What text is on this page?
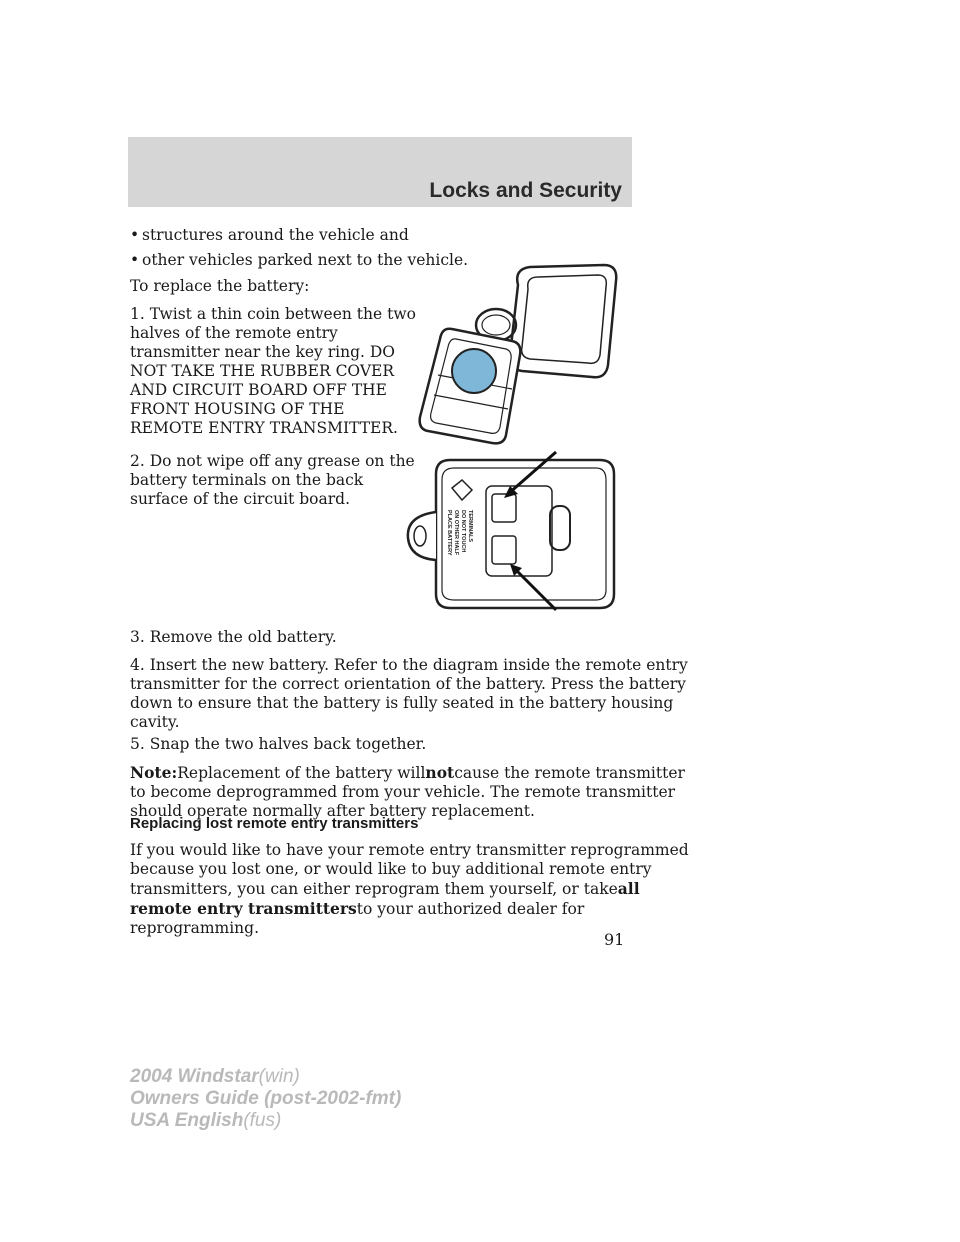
Locks and Security
• structures around the vehicle and
• other vehicles parked next to the vehicle.
To replace the battery:
1. Twist a thin coin between the two
halves of the remote entry
transmitter near the key ring. DO
NOT TAKE THE RUBBER COVER
AND CIRCUIT BOARD OFF THE
FRONT HOUSING OF THE
REMOTE ENTRY TRANSMITTER.
2. Do not wipe off any grease on the
battery terminals on the back
surface of the circuit board.
3. Remove the old battery.
4. Insert the new battery. Refer to the diagram inside the remote entry
transmitter for the correct orientation of the battery. Press the battery
down to ensure that the battery is fully seated in the battery housing
cavity.
5. Snap the two halves back together.
Note:Replacement of the battery willnotcause the remote transmitter
to become deprogrammed from your vehicle. The remote transmitter
should operate normally after battery replacement.
Replacing lost remote entry transmitters
If you would like to have your remote entry transmitter reprogrammed
because you lost one, or would like to buy additional remote entry
transmitters, you can either reprogram them yourself, or takeall
remote entry transmittersto your authorized dealer for
reprogramming.
91
2004 Windstar(win)
Owners Guide (post-2002-fmt)
USA English(fus)
PLACE BATTERY ON OTHER HALF DO NOT TOUCH TERMINALS
